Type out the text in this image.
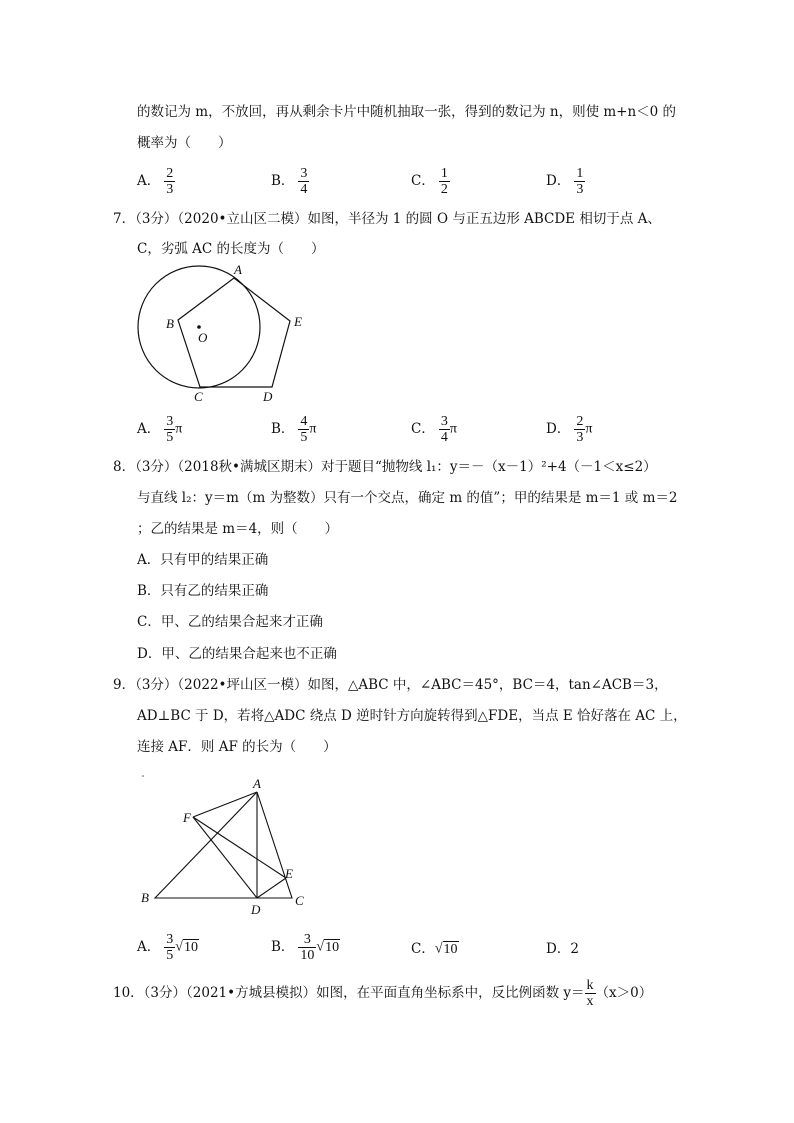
的数记为 m，不放回，再从剩余卡片中随机抽取一张，得到的数记为 n，则使 m+n＜0 的
概率为（　　）
A． $\frac{2}{3}$	B． $\frac{3}{4}$	C． $\frac{1}{2}$	D． $\frac{1}{3}$
7．（3分）（2020•立山区二模）如图，半径为 1 的圆 O 与正五边形 ABCDE 相切于点 A、
C，劣弧 AC 的长度为（　　）
A
B
C	D
E
O
A． $\frac{3}{5}$ π	B． $\frac{4}{5}$ π	C． $\frac{3}{4}$ π	D． $\frac{2}{3}$ π
8．（3分）（2018秋•满城区期末）对于题目“抛物线 l₁：y＝－（x－1）²+4（－1＜x≤2）
与直线 l₂：y＝m（m 为整数）只有一个交点，确定 m 的值”；甲的结果是 m＝1 或 m＝2
；乙的结果是 m＝4，则（　　）
A．只有甲的结果正确
B．只有乙的结果正确
C．甲、乙的结果合起来才正确
D．甲、乙的结果合起来也不正确
9．（3分）（2022•坪山区一模）如图，△ABC 中，∠ABC＝45°，BC＝4，tan∠ACB＝3，
AD⊥BC 于 D，若将△ADC 绕点 D 逆时针方向旋转得到△FDE，当点 E 恰好落在 AC 上，
连接 AF．则 AF 的长为（　　）
A
B	C
D
E
F
A． $\frac{3}{5} √10$	B． $\frac{3}{10} √10$	C．√10	D．2
10．（3分）（2021•方城县模拟）如图，在平面直角坐标系中，反比例函数 $y= \frac{k}{x} (x>0)$
